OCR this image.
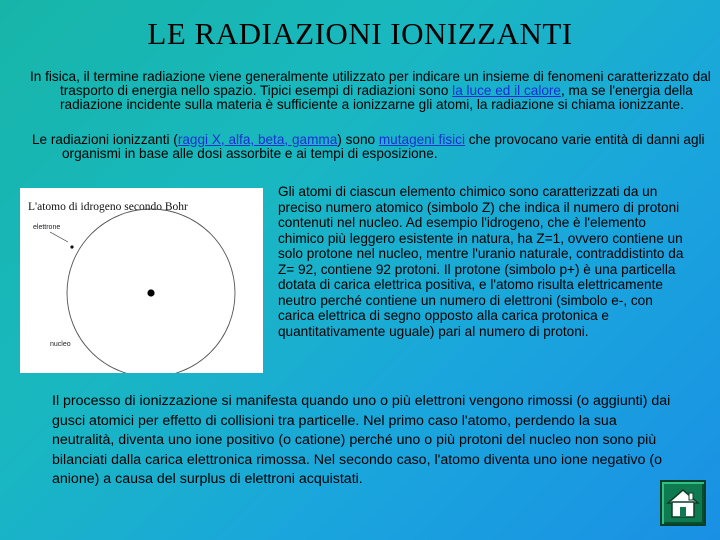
LE RADIAZIONI IONIZZANTI

In fisica, il termine radiazione viene generalmente utilizzato per indicare un insieme di fenomeni caratterizzato dal trasporto di energia nello spazio. Tipici esempi di radiazioni sono la luce ed il calore, ma se l'energia della radiazione incidente sulla materia è sufficiente a ionizzarne gli atomi, la radiazione si chiama ionizzante.

Le radiazioni ionizzanti (raggi X, alfa, beta, gamma) sono mutageni fisici che provocano varie entità di danni agli organismi in base alle dosi assorbite e ai tempi di esposizione.

L'atomo di idrogeno secondo Bohr
elettrone
nucleo

Gli atomi di ciascun elemento chimico sono caratterizzati da un preciso numero atomico (simbolo Z) che indica il numero di protoni contenuti nel nucleo. Ad esempio l'idrogeno, che è l'elemento chimico più leggero esistente in natura, ha Z=1, ovvero contiene un solo protone nel nucleo, mentre l'uranio naturale, contraddistinto da Z= 92, contiene 92 protoni. Il protone (simbolo p+) è una particella dotata di carica elettrica positiva, e l'atomo risulta elettricamente neutro perché contiene un numero di elettroni (simbolo e-, con carica elettrica di segno opposto alla carica protonica e quantitativamente uguale) pari al numero di protoni.

Il processo di ionizzazione si manifesta quando uno o più elettroni vengono rimossi (o aggiunti) dai gusci atomici per effetto di collisioni tra particelle. Nel primo caso l'atomo, perdendo la sua neutralità, diventa uno ione positivo (o catione) perché uno o più protoni del nucleo non sono più bilanciati dalla carica elettronica rimossa. Nel secondo caso, l'atomo diventa uno ione negativo (o anione) a causa del surplus di elettroni acquistati.
